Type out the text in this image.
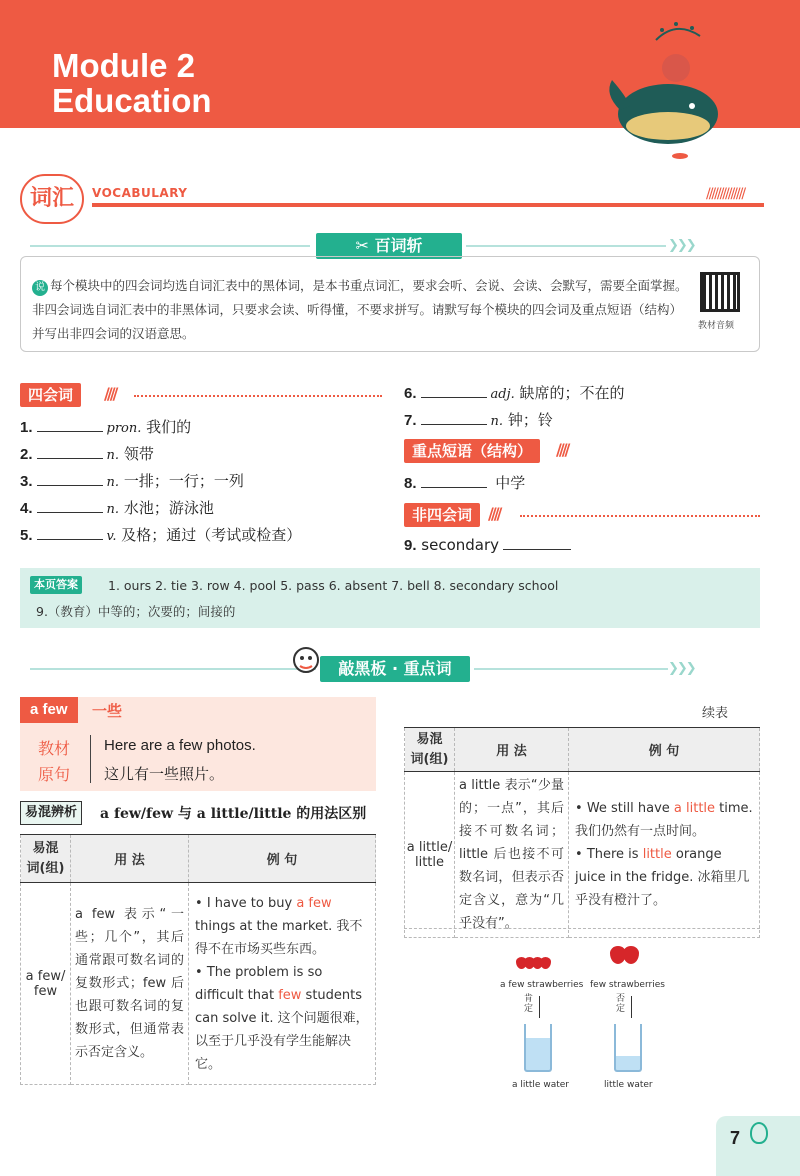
Module 2
Education
词汇	VOCABULARY	//////////////
❯❯❯
✂ 百词斩
说 每个模块中的四会词均选自词汇表中的黑体词，是本书重点词汇，要求会听、会说、会读、会默写，需要全面掌握。非四会词选自词汇表中的非黑体词，只要求会读、听得懂，不要求拼写。请默写每个模块的四会词及重点短语（结构）并写出非四会词的汉语意思。	教材音频
四会词	////
1.	pron. 我们的
2.	n. 领带
3.	n. 一排；一行；一列
4.	n. 水池；游泳池
5.	v. 及格；通过（考试或检查）
6.	adj. 缺席的；不在的
7.	n. 钟；铃
重点短语（结构）	////
8.	中学
非四会词 ////
9. secondary
本页答案	1. ours 2. tie 3. row 4. pool 5. pass 6. absent 7. bell 8. secondary school
9.（教育）中等的；次要的；间接的
❯❯❯
敲黑板 · 重点词
a few	一些
教材
原句
Here are a few photos.
这儿有一些照片。
易混辨析	a few/few 与 a little/little 的用法区别
易混
词(组)	用 法	例 句
a few/ few	a few 表示“一些；几个”，其后通常跟可数名词的复数形式；few 后也跟可数名词的复数形式，但通常表示否定含义。	• I have to buy a few things at the market. 我不得不在市场买些东西。
• The problem is so difficult that few students can solve it. 这个问题很难，以至于几乎没有学生能解决它。
续表
易混
词(组)	用 法	例 句
a little/ little	a little 表示“少量的；一点”，其后接不可数名词；little 后也接不可数名词，但表示否定含义，意为“几乎没有”。	• We still have a little time. 我们仍然有一点时间。
• There is little orange juice in the fridge. 冰箱里几乎没有橙汁了。
a few strawberries few strawberries
肯定
否定
a little water	little water
7
